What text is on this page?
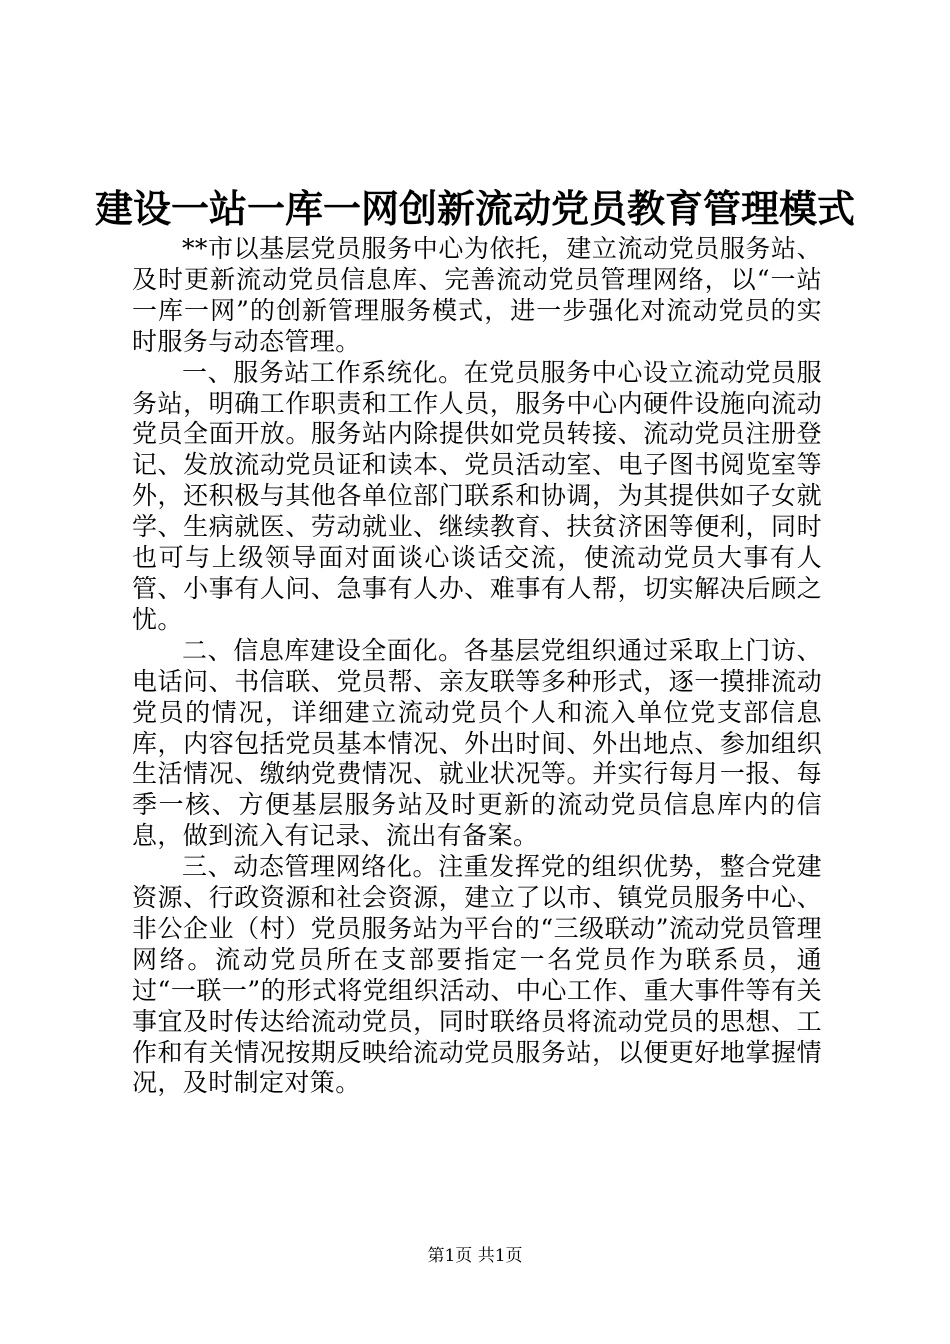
建设一站一库一网创新流动党员教育管理模式

**市以基层党员服务中心为依托，建立流动党员服务站、及时更新流动党员信息库、完善流动党员管理网络，以“一站一库一网”的创新管理服务模式，进一步强化对流动党员的实时服务与动态管理。

一、服务站工作系统化。在党员服务中心设立流动党员服务站，明确工作职责和工作人员，服务中心内硬件设施向流动党员全面开放。服务站内除提供如党员转接、流动党员注册登记、发放流动党员证和读本、党员活动室、电子图书阅览室等外，还积极与其他各单位部门联系和协调，为其提供如子女就学、生病就医、劳动就业、继续教育、扶贫济困等便利，同时也可与上级领导面对面谈心谈话交流，使流动党员大事有人管、小事有人问、急事有人办、难事有人帮，切实解决后顾之忧。

二、信息库建设全面化。各基层党组织通过采取上门访、电话问、书信联、党员帮、亲友联等多种形式，逐一摸排流动党员的情况，详细建立流动党员个人和流入单位党支部信息库，内容包括党员基本情况、外出时间、外出地点、参加组织生活情况、缴纳党费情况、就业状况等。并实行每月一报、每季一核、方便基层服务站及时更新的流动党员信息库内的信息，做到流入有记录、流出有备案。

三、动态管理网络化。注重发挥党的组织优势，整合党建资源、行政资源和社会资源，建立了以市、镇党员服务中心、非公企业（村）党员服务站为平台的“三级联动”流动党员管理网络。流动党员所在支部要指定一名党员作为联系员，通过“一联一”的形式将党组织活动、中心工作、重大事件等有关事宜及时传达给流动党员，同时联络员将流动党员的思想、工作和有关情况按期反映给流动党员服务站，以便更好地掌握情况，及时制定对策。

第1页 共1页
